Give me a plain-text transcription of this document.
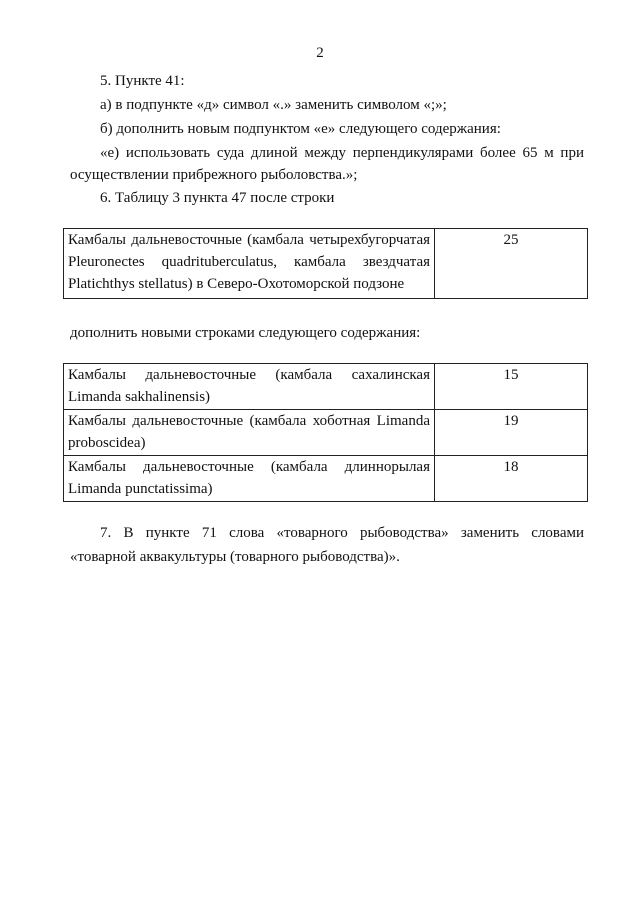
2

5. Пункте 41:

а) в подпункте «д» символ «.» заменить символом «;»;

б) дополнить новым подпунктом «е» следующего содержания:

«е) использовать суда длиной между перпендикулярами более 65 м при

осуществлении прибрежного рыболовства.»;

6. Таблицу 3 пункта 47 после строки

Камбалы дальневосточные (камбала четырехбугорчатая
Pleuronectes quadrituberculatus, камбала звездчатая
Platichthys stellatus) в Северо-Охотоморской подзоне
	25

дополнить новыми строками следующего содержания:

Камбалы дальневосточные (камбала сахалинская
Limanda sakhalinensis)	15

Камбалы дальневосточные (камбала хоботная Limanda
proboscidea)	19

Камбалы дальневосточные (камбала длиннорылая
Limanda punctatissima)	18

7. В пункте 71 слова «товарного рыбоводства» заменить словами

«товарной аквакультуры (товарного рыбоводства)».
